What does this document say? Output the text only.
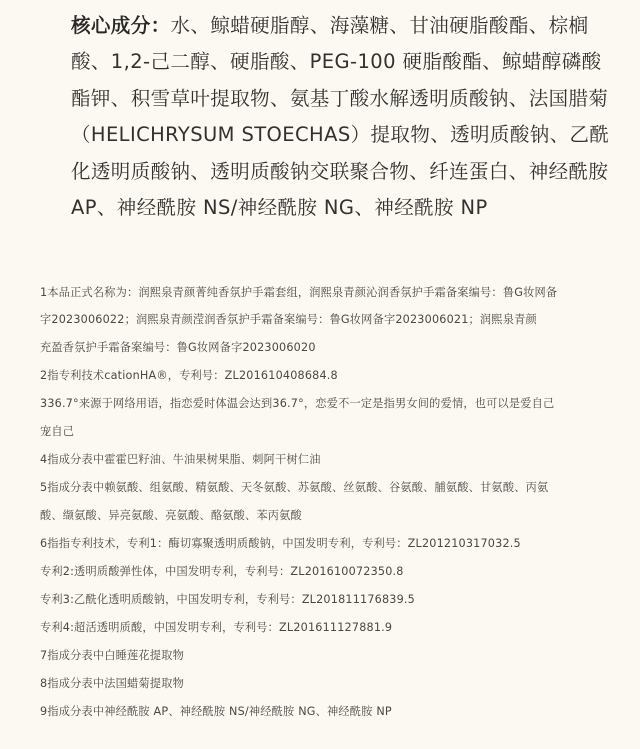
核心成分：水、鲸蜡硬脂醇、海藻糖、甘油硬脂酸酯、棕榈酸、1,2-己二醇、硬脂酸、PEG-100 硬脂酸酯、鲸蜡醇磷酸酯钾、积雪草叶提取物、氨基丁酸水解透明质酸钠、法国腊菊（HELICHRYSUM STOECHAS）提取物、透明质酸钠、乙酰化透明质酸钠、透明质酸钠交联聚合物、纤连蛋白、神经酰胺AP、神经酰胺 NS/神经酰胺 NG、神经酰胺 NP
1本品正式名称为：润熙泉青颜菁纯香氛护手霜套组，润熙泉青颜沁润香氛护手霜备案编号：鲁G妆网备
字2023006022；润熙泉青颜滢润香氛护手霜备案编号：鲁G妆网备字2023006021；润熙泉青颜
充盈香氛护手霜备案编号：鲁G妆网备字2023006020
2指专利技术cationHA®，专利号：ZL201610408684.8
336.7°来源于网络用语，指恋爱时体温会达到36.7°，恋爱不一定是指男女间的爱情，也可以是爱自己
宠自己
4指成分表中霍霍巴籽油、牛油果树果脂、刺阿干树仁油
5指成分表中赖氨酸、组氨酸、精氨酸、天冬氨酸、苏氨酸、丝氨酸、谷氨酸、脯氨酸、甘氨酸、丙氨
酸、缬氨酸、异亮氨酸、亮氨酸、酪氨酸、苯丙氨酸
6指指专利技术，专利1：酶切寡聚透明质酸钠，中国发明专利，专利号：ZL201210317032.5
专利2:透明质酸弹性体，中国发明专利，专利号：ZL201610072350.8
专利3:乙酰化透明质酸钠，中国发明专利，专利号：ZL201811176839.5
专利4:超活透明质酸，中国发明专利，专利号：ZL201611127881.9
7指成分表中白睡莲花提取物
8指成分表中法国蜡菊提取物
9指成分表中神经酰胺 AP、神经酰胺 NS/神经酰胺 NG、神经酰胺 NP
